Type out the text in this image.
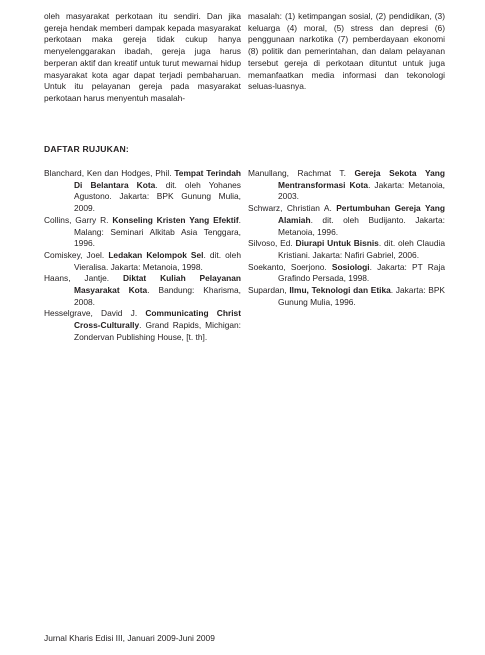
oleh masyarakat perkotaan itu sendiri. Dan jika gereja hendak memberi dampak kepada masyarakat perkotaan maka gereja tidak cukup hanya menyelenggarakan ibadah, gereja juga harus berperan aktif dan kreatif untuk turut mewarnai hidup masyarakat kota agar dapat terjadi pembaharuan. Untuk itu pelayanan gereja pada masyarakat perkotaan harus menyentuh masalah-

masalah: (1) ketimpangan sosial, (2) pendidikan, (3) keluarga (4) moral, (5) stress dan depresi (6) penggunaan narkotika (7) pemberdayaan ekonomi (8) politik dan pemerintahan, dan dalam pelayanan tersebut gereja di perkotaan dituntut untuk juga memanfaatkan media informasi dan tekonologi seluas-luasnya.

DAFTAR RUJUKAN:

Blanchard, Ken dan Hodges, Phil. Tempat Terindah Di Belantara Kota. dit. oleh Yohanes Agustono. Jakarta: BPK Gunung Mulia, 2009.

Collins, Garry R. Konseling Kristen Yang Efektif. Malang: Seminari Alkitab Asia Tenggara, 1996.

Comiskey, Joel. Ledakan Kelompok Sel. dit. oleh Vieralisa. Jakarta: Metanoia, 1998.

Haans, Jantje. Diktat Kuliah Pelayanan Masyarakat Kota. Bandung: Kharisma, 2008.

Hesselgrave, David J. Communicating Christ Cross-Culturally. Grand Rapids, Michigan: Zondervan Publishing House, [t. th].

Manullang, Rachmat T. Gereja Sekota Yang Mentransformasi Kota. Jakarta: Metanoia, 2003.

Schwarz, Christian A. Pertumbuhan Gereja Yang Alamiah. dit. oleh Budijanto. Jakarta: Metanoia, 1996.

Silvoso, Ed. Diurapi Untuk Bisnis. dit. oleh Claudia Kristiani. Jakarta: Nafiri Gabriel, 2006.

Soekanto, Soerjono. Sosiologi. Jakarta: PT Raja Grafindo Persada, 1998.

Supardan, Ilmu, Teknologi dan Etika. Jakarta: BPK Gunung Mulia, 1996.

Jurnal Kharis Edisi III, Januari 2009-Juni 2009
